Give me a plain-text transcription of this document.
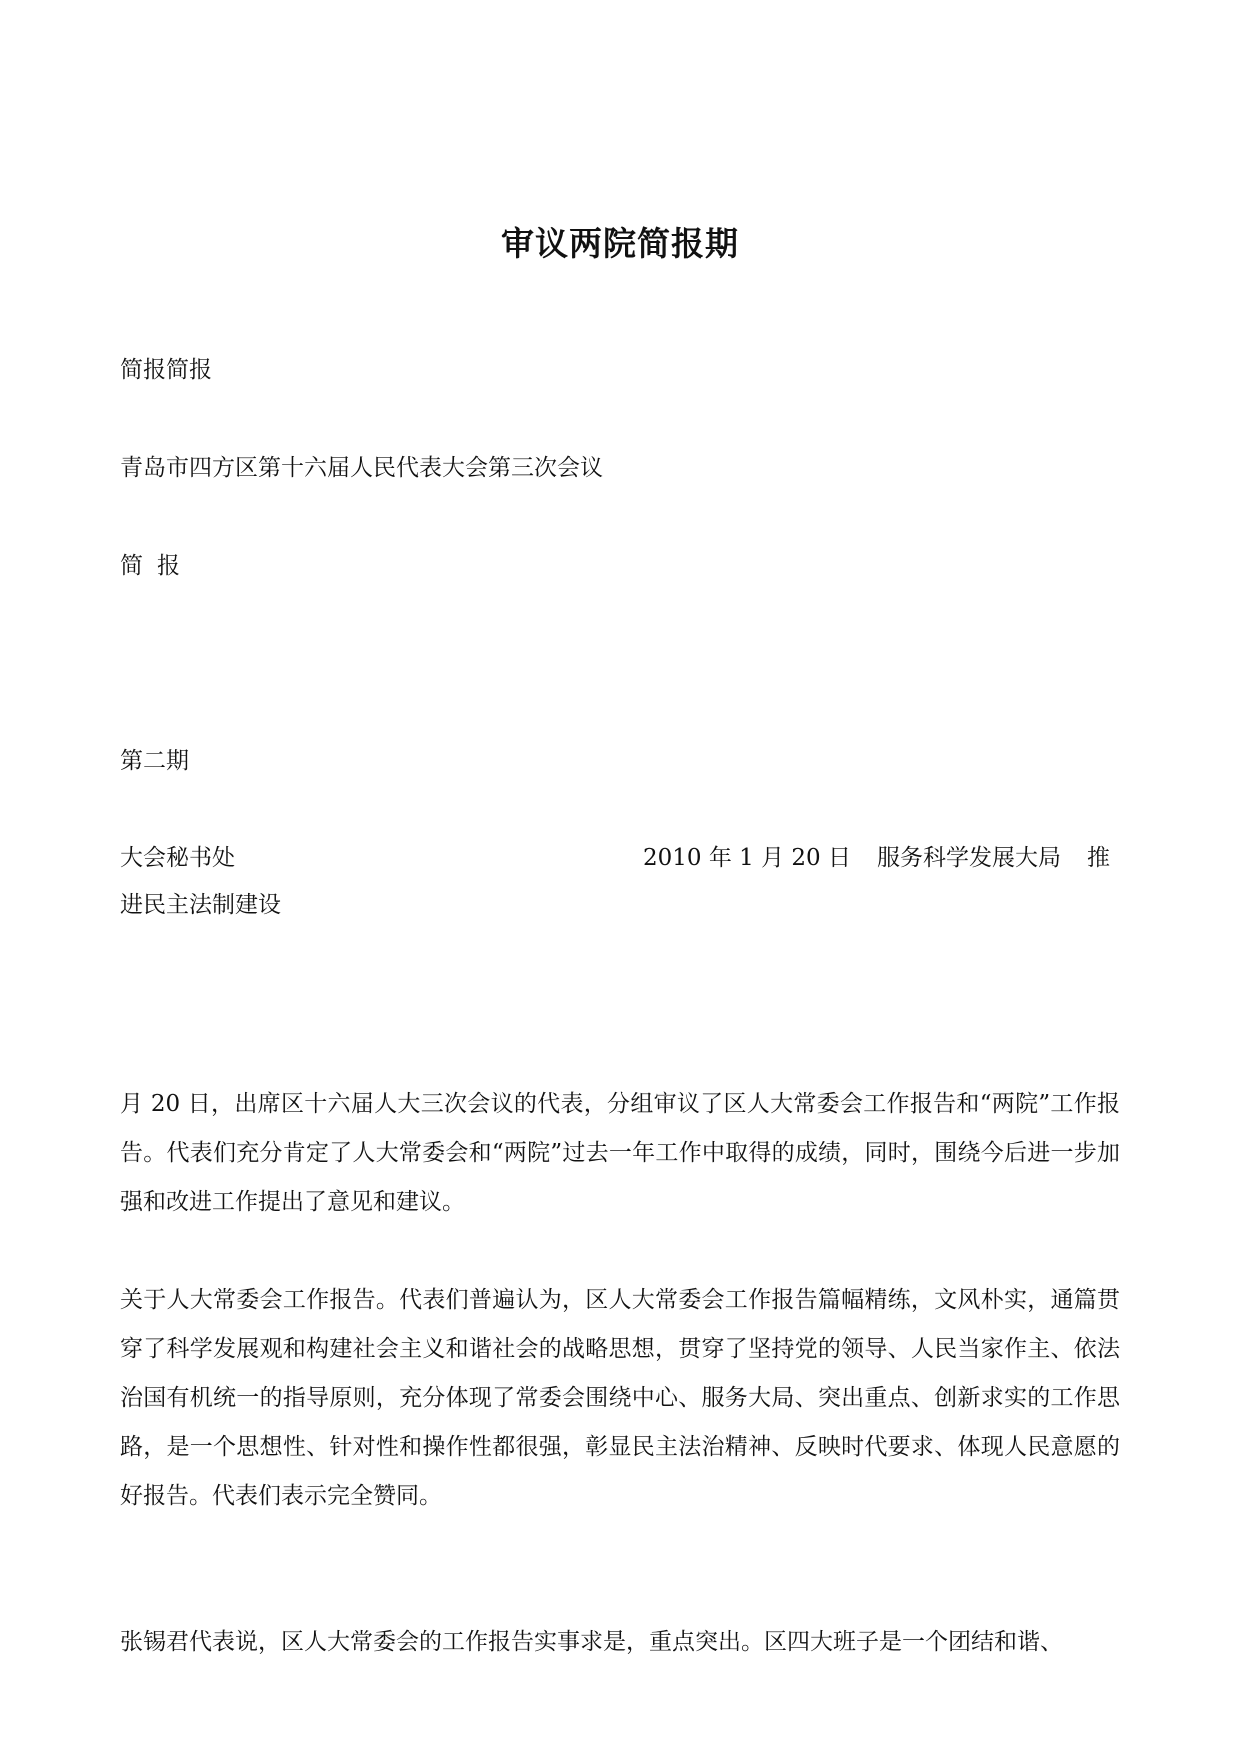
审议两院简报期
简报简报
青岛市四方区第十六届人民代表大会第三次会议
简 报
第二期
大会秘书处	2010 年 1 月 20 日 服务科学发展大局 推
进民主法制建设
月 20 日，出席区十六届人大三次会议的代表，分组审议了区人大常委会工作报告和“两院”工作报告。代表们充分肯定了人大常委会和“两院”过去一年工作中取得的成绩，同时，围绕今后进一步加强和改进工作提出了意见和建议。
关于人大常委会工作报告。代表们普遍认为，区人大常委会工作报告篇幅精练，文风朴实，通篇贯穿了科学发展观和构建社会主义和谐社会的战略思想，贯穿了坚持党的领导、人民当家作主、依法治国有机统一的指导原则，充分体现了常委会围绕中心、服务大局、突出重点、创新求实的工作思路，是一个思想性、针对性和操作性都很强，彰显民主法治精神、反映时代要求、体现人民意愿的好报告。代表们表示完全赞同。
张锡君代表说，区人大常委会的工作报告实事求是，重点突出。区四大班子是一个团结和谐、
